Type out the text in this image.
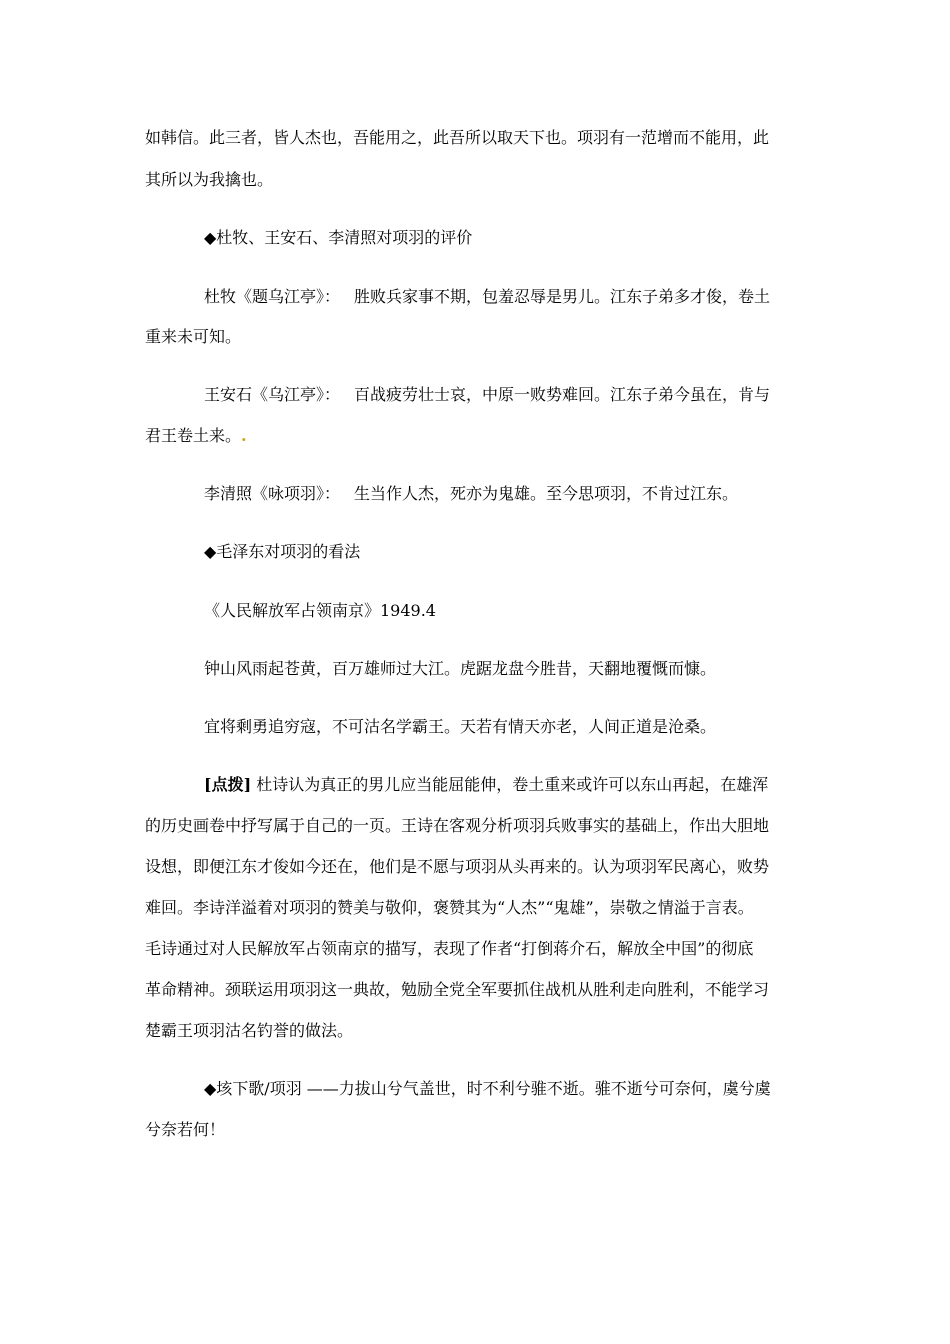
如韩信。此三者，皆人杰也，吾能用之，此吾所以取天下也。项羽有一范增而不能用，此
其所以为我擒也。
◆杜牧、王安石、李清照对项羽的评价
杜牧《题乌江亭》： 胜败兵家事不期，包羞忍辱是男儿。江东子弟多才俊，卷土
重来未可知。
王安石《乌江亭》： 百战疲劳壮士哀，中原一败势难回。江东子弟今虽在，肯与
君王卷土来。.
李清照《咏项羽》： 生当作人杰，死亦为鬼雄。至今思项羽，不肯过江东。
◆毛泽东对项羽的看法
《人民解放军占领南京》1949.4
钟山风雨起苍黄，百万雄师过大江。虎踞龙盘今胜昔，天翻地覆慨而慷。
宜将剩勇追穷寇，不可沽名学霸王。天若有情天亦老，人间正道是沧桑。
[点拨] 杜诗认为真正的男儿应当能屈能伸，卷土重来或许可以东山再起，在雄浑
的历史画卷中抒写属于自己的一页。王诗在客观分析项羽兵败事实的基础上，作出大胆地
设想，即便江东才俊如今还在，他们是不愿与项羽从头再来的。认为项羽军民离心，败势
难回。李诗洋溢着对项羽的赞美与敬仰，褒赞其为“人杰”“鬼雄”，崇敬之情溢于言表。
毛诗通过对人民解放军占领南京的描写，表现了作者“打倒蒋介石，解放全中国”的彻底
革命精神。颈联运用项羽这一典故，勉励全党全军要抓住战机从胜利走向胜利，不能学习
楚霸王项羽沽名钓誉的做法。
◆垓下歌/项羽 ——力拔山兮气盖世，时不利兮骓不逝。骓不逝兮可奈何，虞兮虞
兮奈若何！
